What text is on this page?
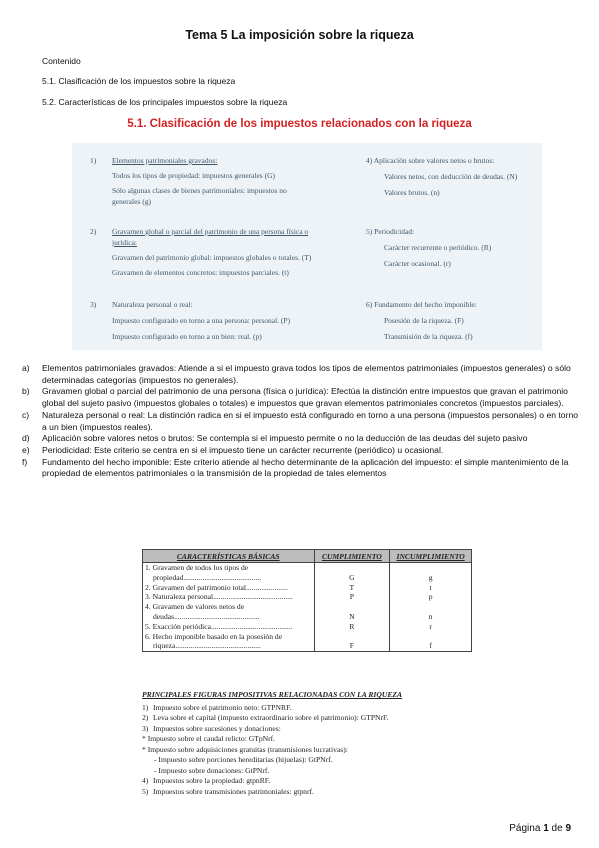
Tema 5 La imposición sobre la riqueza
Contenido
5.1. Clasificación de los impuestos sobre la riqueza
5.2. Características de los principales impuestos sobre la riqueza
5.1. Clasificación de los impuestos relacionados con la riqueza
1) Elementos patrimoniales gravados:
Todos los tipos de propiedad: impuestos generales (G)
Sólo algunas clases de bienes patrimoniales: impuestos no
generales (g)
2) Gravamen global o parcial del patrimonio de una persona física o
jurídica:
Gravamen del patrimonio global: impuestos globales o totales. (T)
Gravamen de elementos concretos: impuestos parciales. (t)
3) Naturaleza personal o real:
Impuesto configurado en torno a una persona: personal. (P)
Impuesto configurado en torno a un bien: real. (p)
4) Aplicación sobre valores netos o brutos:
Valores netos, con deducción de deudas. (N)
Valores brutos. (n)
5) Periodicidad:
Carácter recurrente o periódico. (R)
Carácter ocasional. (r)
6) Fundamento del hecho imponible:
Posesión de la riqueza. (F)
Transmisión de la riqueza. (f)
a)	Elementos patrimoniales gravados: Atiende a si el impuesto grava todos los tipos de elementos patrimoniales (impuestos generales) o sólo determinadas categorías (impuestos no generales).
b)	Gravamen global o parcial del patrimonio de una persona (física o jurídica): Efectúa la distinción entre impuestos que gravan el patrimonio global del sujeto pasivo (impuestos globales o totales) e impuestos que gravan elementos patrimoniales concretos (impuestos parciales).
c)	Naturaleza personal o real: La distinción radica en si el impuesto está configurado en torno a una persona (impuestos personales) o en torno a un bien (impuestos reales).
d)	Aplicación sobre valores netos o brutos: Se contempla si el impuesto permite o no la deducción de las deudas del sujeto pasivo
e)	Periodicidad: Este criterio se centra en si el impuesto tiene un carácter recurrente (periódico) u ocasional.
f)	Fundamento del hecho imponible: Este criterio atiende al hecho determinante de la aplicación del impuesto: el simple mantenimiento de la propiedad de elementos patrimoniales o la transmisión de la propiedad de tales elementos
CARACTERÍSTICAS BÁSICAS	CUMPLIMIENTO	INCUMPLIMIENTO

1. Gravamen de todos los tipos de
propiedad.........................................	G	g

2. Gravamen del patrimonio total......................	T	t

3. Naturaleza personal..........................................	P	p

4. Gravamen de valores netos de
deudas.............................................	N	n

5. Exacción periódica...........................................	R	r

6. Hecho imponible basado en la posesión de
riqueza.............................................	F	f
PRINCIPALES FIGURAS IMPOSITIVAS RELACIONADAS CON LA RIQUEZA
1) Impuesto sobre el patrimonio neto: GTPNRF.
2) Leva sobre el capital (impuesto extraordinario sobre el patrimonio): GTPNrF.
3) Impuestos sobre sucesiones y donaciones:
* Impuesto sobre el caudal relicto: GTpNrf.
* Impuesto sobre adquisiciones gratuitas (transmisiones lucrativas):
- Impuesto sobre porciones hereditarias (hijuelas): GtPNrf.
- Impuesto sobre donaciones: GtPNrf.
4) Impuestos sobre la propiedad: gtpnRF.
5) Impuestos sobre transmisiones patrimoniales: gtpnrf.
Página 1 de 9
